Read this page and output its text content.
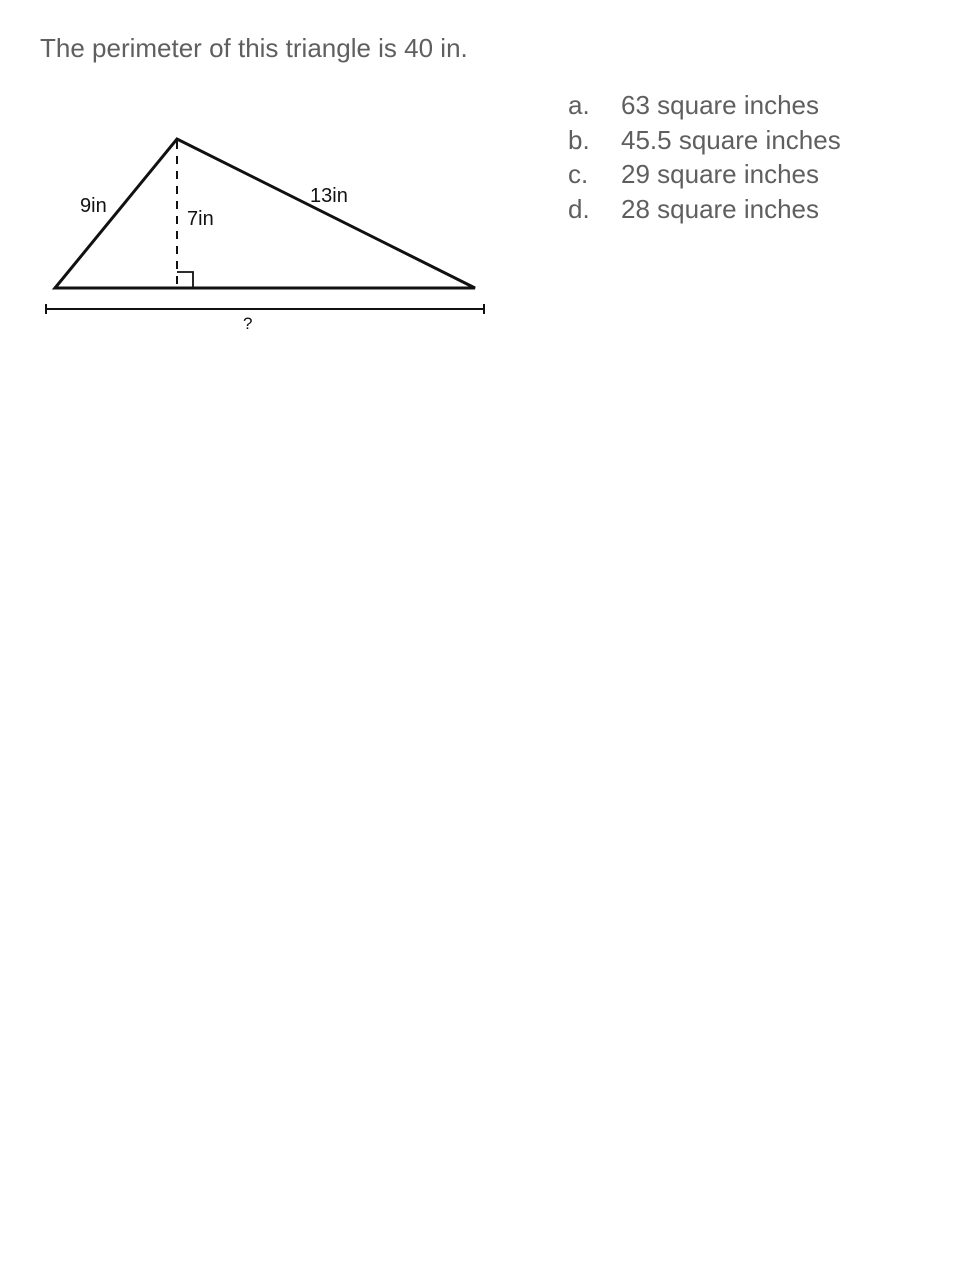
The perimeter of this triangle is 40 in.
9in
7in
13in
?
a.	63 square inches
b.	45.5 square inches
c.	29 square inches
d.	28 square inches
